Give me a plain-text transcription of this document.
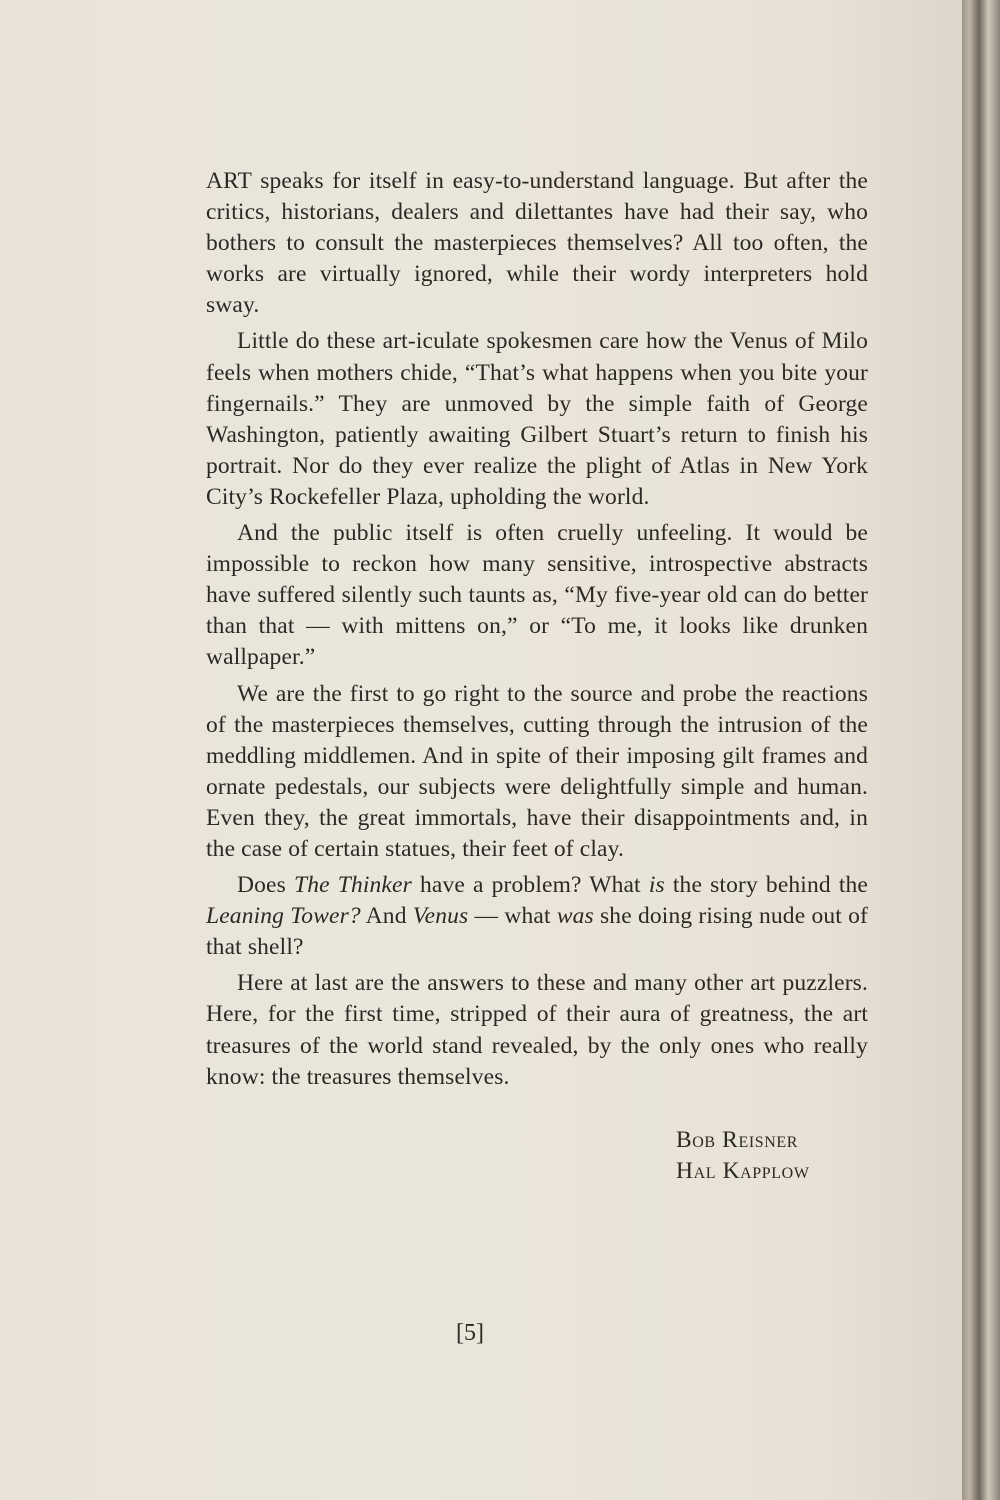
ART speaks for itself in easy-to-understand language. But after the critics, historians, dealers and dilettantes have had their say, who bothers to consult the masterpieces themselves? All too often, the works are virtually ignored, while their wordy interpreters hold sway.

Little do these art-iculate spokesmen care how the Venus of Milo feels when mothers chide, “That’s what happens when you bite your fingernails.” They are unmoved by the simple faith of George Washington, patiently awaiting Gilbert Stuart’s return to finish his portrait. Nor do they ever realize the plight of Atlas in New York City’s Rockefeller Plaza, upholding the world.

And the public itself is often cruelly unfeeling. It would be impossible to reckon how many sensitive, introspective abstracts have suffered silently such taunts as, “My five-year old can do better than that — with mittens on,” or “To me, it looks like drunken wallpaper.”

We are the first to go right to the source and probe the reactions of the masterpieces themselves, cutting through the intrusion of the meddling middlemen. And in spite of their imposing gilt frames and ornate pedestals, our subjects were delightfully simple and human. Even they, the great immortals, have their disappointments and, in the case of certain statues, their feet of clay.

Does The Thinker have a problem? What is the story behind the Leaning Tower? And Venus — what was she doing rising nude out of that shell?

Here at last are the answers to these and many other art puzzlers. Here, for the first time, stripped of their aura of greatness, the art treasures of the world stand revealed, by the only ones who really know: the treasures themselves.

Bob Reisner
Hal Kapplow
[5]
